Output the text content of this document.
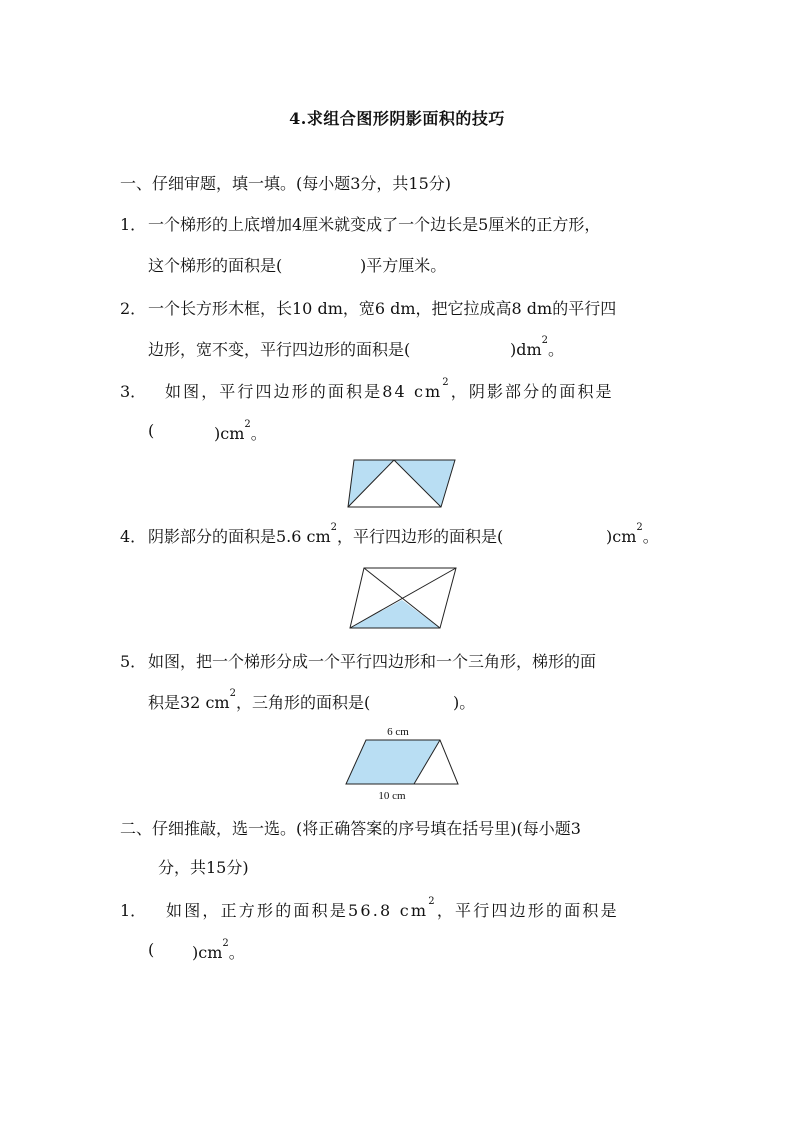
4.求组合图形阴影面积的技巧
一、仔细审题，填一填。(每小题3分，共15分)
1． 一个梯形的上底增加4厘米就变成了一个边长是5厘米的正方形，
这个梯形的面积是(	)平方厘米。
2． 一个长方形木框，长10 dm，宽6 dm，把它拉成高8 dm的平行四
边形，宽不变，平行四边形的面积是(	)$dm^2$。
3． 如图，平行四边形的面积是84 $cm^2$，阴影部分的面积是
(	)$cm^2$。
4． 阴影部分的面积是5.6 $cm^2$，平行四边形的面积是(	)$cm^2$。
5． 如图，把一个梯形分成一个平行四边形和一个三角形，梯形的面
积是32 $cm^2$，三角形的面积是(	)。
6 cm
10 cm
二、仔细推敲，选一选。(将正确答案的序号填在括号里)(每小题3
分，共15分)
1． 如图，正方形的面积是56.8 $cm^2$，平行四边形的面积是
( )$cm^2$。
